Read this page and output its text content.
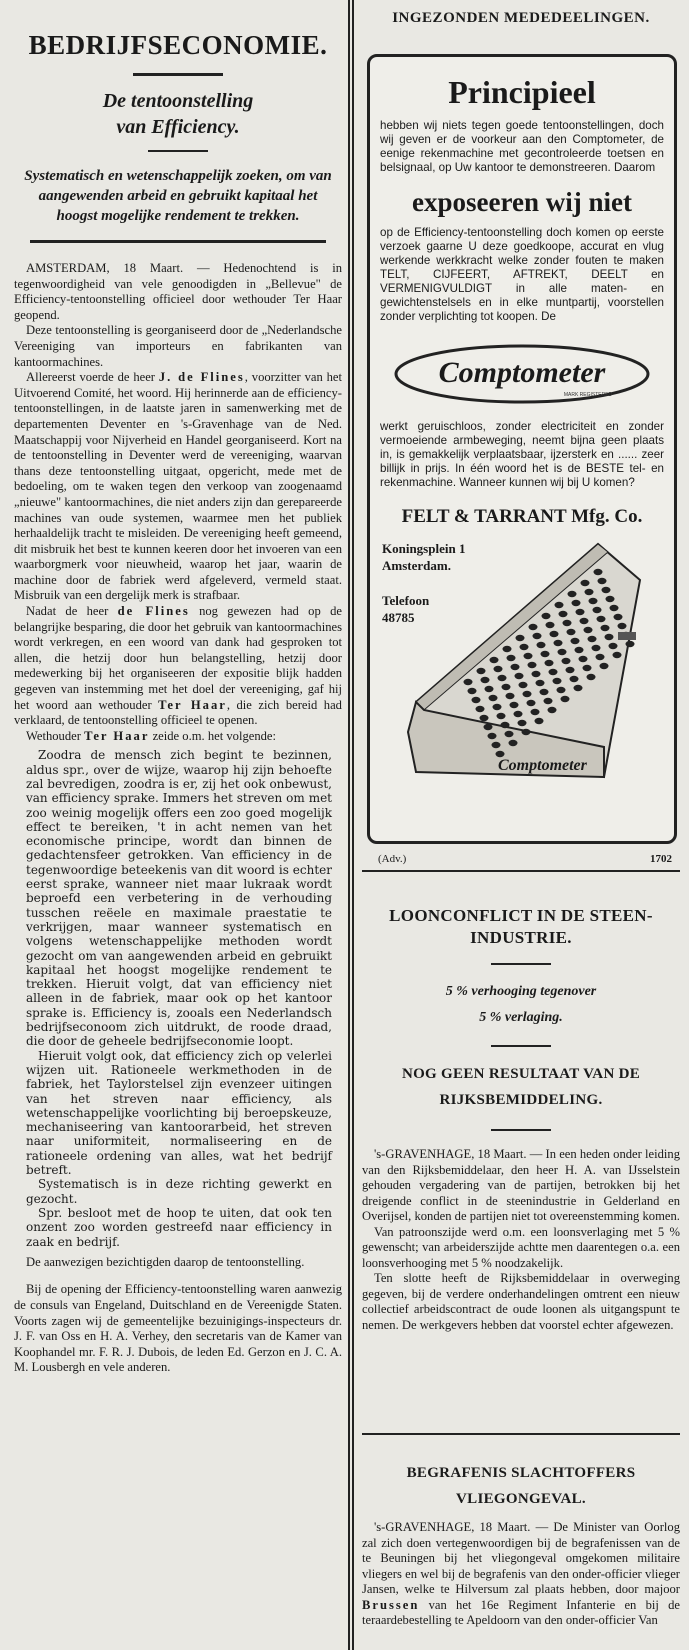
BEDRIJFSECONOMIE.
De tentoonstelling
van Efficiency.
Systematisch en wetenschappelijk zoeken, om van aangewenden arbeid en gebruikt kapitaal het hoogst mogelijke rendement te trekken.

AMSTERDAM, 18 Maart. — Hedenochtend is in tegenwoordigheid van vele genoodigden in „Bellevue" de Efficiency-tentoonstelling officieel door wethouder Ter Haar geopend.

Deze tentoonstelling is georganiseerd door de „Nederlandsche Vereeniging van importeurs en fabrikanten van kantoormachines.

Allereerst voerde de heer J. de Flines, voorzitter van het Uitvoerend Comité, het woord. Hij herinnerde aan de efficiency-tentoonstellingen, in de laatste jaren in samenwerking met de departementen Deventer en 's-Gravenhage van de Ned. Maatschappij voor Nijverheid en Handel georganiseerd. Kort na de tentoonstelling in Deventer werd de vereeniging, waarvan thans deze tentoonstelling uitgaat, opgericht, mede met de bedoeling, om te waken tegen den verkoop van zoogenaamd „nieuwe" kantoormachines, die niet anders zijn dan gerepareerde machines van oude systemen, waarmee men het publiek herhaaldelijk tracht te misleiden. De vereeniging heeft gemeend, dit misbruik het best te kunnen keeren door het invoeren van een waarborgmerk voor nieuwheid, waarop het jaar, waarin de machine door de fabriek werd afgeleverd, vermeld staat. Misbruik van een dergelijk merk is strafbaar.

Nadat de heer de Flines nog gewezen had op de belangrijke besparing, die door het gebruik van kantoormachines wordt verkregen, en een woord van dank had gesproken tot allen, die hetzij door hun belangstelling, hetzij door medewerking bij het organiseeren der expositie blijk hadden gegeven van instemming met het doel der vereeniging, gaf hij het woord aan wethouder Ter Haar, die zich bereid had verklaard, de tentoonstelling officieel te openen.

Wethouder Ter Haar zeide o.m. het volgende:

Zoodra de mensch zich begint te bezinnen, aldus spr., over de wijze, waarop hij zijn behoefte zal bevredigen, zoodra is er, zij het ook onbewust, van efficiency sprake. Immers het streven om met zoo weinig mogelijk offers een zoo goed mogelijk effect te bereiken, 't in acht nemen van het economische principe, wordt dan binnen de gedachtensfeer getrokken. Van efficiency in de tegenwoordige beteekenis van dit woord is echter eerst sprake, wanneer niet maar lukraak wordt beproefd een verbetering in de verhouding tusschen reëele en maximale praestatie te verkrijgen, maar wanneer systematisch en volgens wetenschappelijke methoden wordt gezocht om van aangewenden arbeid en gebruikt kapitaal het hoogst mogelijke rendement te trekken. Hieruit volgt, dat van efficiency niet alleen in de fabriek, maar ook op het kantoor sprake is. Efficiency is, zooals een Nederlandsch bedrijfseconoom zich uitdrukt, de roode draad, die door de geheele bedrijfseconomie loopt.

Hieruit volgt ook, dat efficiency zich op velerlei wijzen uit. Rationeele werkmethoden in de fabriek, het Taylorstelsel zijn evenzeer uitingen van het streven naar efficiency, als wetenschappelijke voorlichting bij beroepskeuze, mechaniseering van kantoorarbeid, het streven naar uniformiteit, normaliseering en de rationeele ordening van alles, wat het bedrijf betreft.

Systematisch is in deze richting gewerkt en gezocht.

Spr. besloot met de hoop te uiten, dat ook ten onzent zoo worden gestreefd naar efficiency in zaak en bedrijf.

De aanwezigen bezichtigden daarop de tentoonstelling.

Bij de opening der Efficiency-tentoonstelling waren aanwezig de consuls van Engeland, Duitschland en de Vereenigde Staten. Voorts zagen wij de gemeentelijke bezuinigings-inspecteurs dr. J. F. van Oss en H. A. Verhey, den secretaris van de Kamer van Koophandel mr. F. R. J. Dubois, de leden Ed. Gerzon en J. C. A. M. Lousbergh en vele anderen.

INGEZONDEN MEDEDEELINGEN.
Principieel
hebben wij niets tegen goede tentoonstellingen, doch wij geven er de voorkeur aan den Comptometer, de eenige rekenmachine met gecontroleerde toetsen en belsignaal, op Uw kantoor te demonstreeren. Daarom
exposeeren wij niet
op de Efficiency-tentoonstelling doch komen op eerste verzoek gaarne U deze goedkoope, accurat en vlug werkende werkkracht welke zonder fouten te maken TELT, CIJFEERT, AFTREKT, DEELT en VERMENIGVULDIGT in alle maten- en gewichtenstelsels en in elke muntpartij, voorstellen zonder verplichting tot koopen. De
Comptometer
MARK REGISTERED
werkt geruischloos, zonder electriciteit en zonder vermoeiende armbeweging, neemt bijna geen plaats in, is gemakkelijk verplaatsbaar, ijzersterk en ...... zeer billijk in prijs. In één woord het is de BESTE tel- en rekenmachine. Wanneer kunnen wij bij U komen?
FELT & TARRANT Mfg. Co.
Koningsplein 1
Amsterdam.
Telefoon
48785
Comptometer
(Adv.)	1702
LOONCONFLICT IN DE STEEN-
INDUSTRIE.
5 % verhooging tegenover
5 % verlaging.
NOG GEEN RESULTAAT VAN DE
RIJKSBEMIDDELING.

's-GRAVENHAGE, 18 Maart. — In een heden onder leiding van den Rijksbemiddelaar, den heer H. A. van IJsselstein gehouden vergadering van de partijen, betrokken bij het dreigende conflict in de steenindustrie in Gelderland en Overijsel, konden de partijen niet tot overeenstemming komen.

Van patroonszijde werd o.m. een loonsverlaging met 5 % gewenscht; van arbeiderszijde achtte men daarentegen o.a. een loonsverhooging met 5 % noodzakelijk.

Ten slotte heeft de Rijksbemiddelaar in overweging gegeven, bij de verdere onderhandelingen omtrent een nieuw collectief arbeidscontract de oude loonen als uitgangspunt te nemen. De werkgevers hebben dat voorstel echter afgewezen.

BEGRAFENIS SLACHTOFFERS
VLIEGONGEVAL.

's-GRAVENHAGE, 18 Maart. — De Minister van Oorlog zal zich doen vertegenwoordigen bij de begrafenissen van de te Beuningen bij het vliegongeval omgekomen militaire vliegers en wel bij de begrafenis van den onder-officier vlieger Jansen, welke te Hilversum zal plaats hebben, door majoor Brussen van het 16e Regiment Infanterie en bij de teraardebestelling te Apeldoorn van den onder-officier Van
